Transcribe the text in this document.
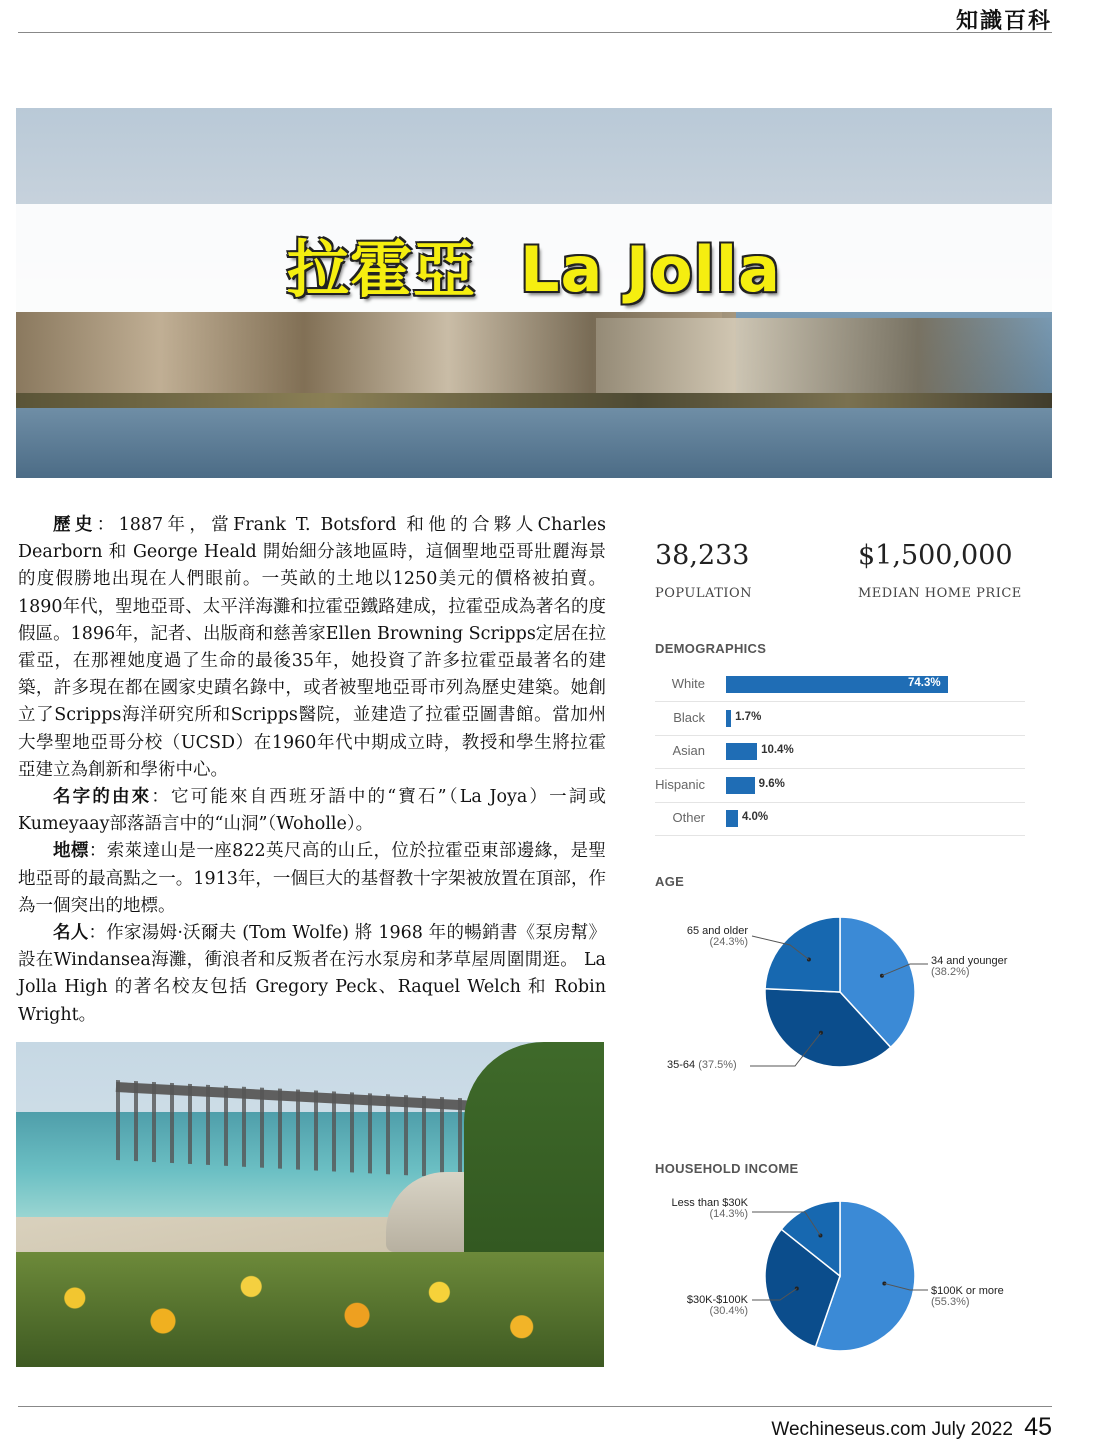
知識百科
拉霍亞 La Jolla

歷史：1887年，當Frank T. Botsford 和他的合夥人Charles Dearborn 和 George Heald 開始細分該地區時，這個聖地亞哥壯麗海景的度假勝地出現在人們眼前。一英畝的土地以1250美元的價格被拍賣。1890年代，聖地亞哥、太平洋海灘和拉霍亞鐵路建成，拉霍亞成為著名的度假區。1896年，記者、出版商和慈善家Ellen Browning Scripps定居在拉霍亞，在那裡她度過了生命的最後35年，她投資了許多拉霍亞最著名的建築，許多現在都在國家史蹟名錄中，或者被聖地亞哥市列為歷史建築。她創立了Scripps海洋研究所和Scripps醫院，並建造了拉霍亞圖書館。當加州大學聖地亞哥分校（UCSD）在1960年代中期成立時，教授和學生將拉霍亞建立為創新和學術中心。

名字的由來：它可能來自西班牙語中的“寶石”（La Joya）一詞或Kumeyaay部落語言中的“山洞”（Woholle）。

地標：索萊達山是一座822英尺高的山丘，位於拉霍亞東部邊緣，是聖地亞哥的最高點之一。1913年，一個巨大的基督教十字架被放置在頂部，作為一個突出的地標。

名人：作家湯姆·沃爾夫 (Tom Wolfe) 將 1968 年的暢銷書《泵房幫》設在Windansea海灘，衝浪者和反叛者在污水泵房和茅草屋周圍閒逛。 La Jolla High 的著名校友包括 Gregory Peck、Raquel Welch 和 Robin Wright。

38,233
POPULATION
$1,500,000
MEDIAN HOME PRICE
DEMOGRAPHICS
White	74.3%
Black	1.7%
Asian	10.4%
Hispanic	9.6%
Other	4.0%
AGE
65 and older
(24.3%)
34 and younger
(38.2%)
35-64 (37.5%)
HOUSEHOLD INCOME
Less than $30K
(14.3%)
$100K or more
(55.3%)
$30K-$100K
(30.4%)
Wechineseus.com July 2022 45
